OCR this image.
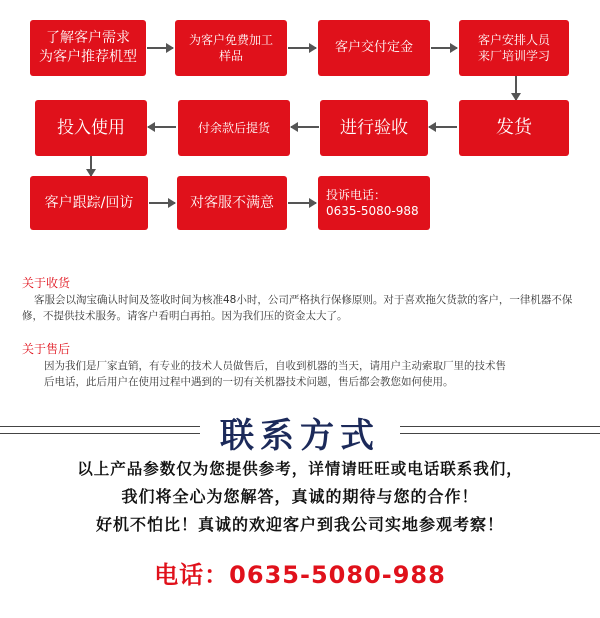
了解客户需求
为客户推荐机型
为客户免费加工
样品
客户交付定金
客户安排人员
来厂培训学习
投入使用	付余款后提货	进行验收	发货
客户跟踪/回访	对客服不满意	投诉电话：
0635-5080-988
关于收货
客服会以淘宝确认时间及签收时间为核准48小时，公司严格执行保修原则。对于喜欢拖欠货款的客户，一律机器不保修，不提供技术服务。请客户看明白再拍。因为我们压的资金太大了。
关于售后
因为我们是厂家直销，有专业的技术人员做售后，自收到机器的当天，请用户主动索取厂里的技术售
后电话，此后用户在使用过程中遇到的一切有关机器技术问题，售后都会教您如何使用。
联系方式
以上产品参数仅为您提供参考，详情请旺旺或电话联系我们，
我们将全心为您解答，真诚的期待与您的合作！
好机不怕比！真诚的欢迎客户到我公司实地参观考察！
电话：0635-5080-988
